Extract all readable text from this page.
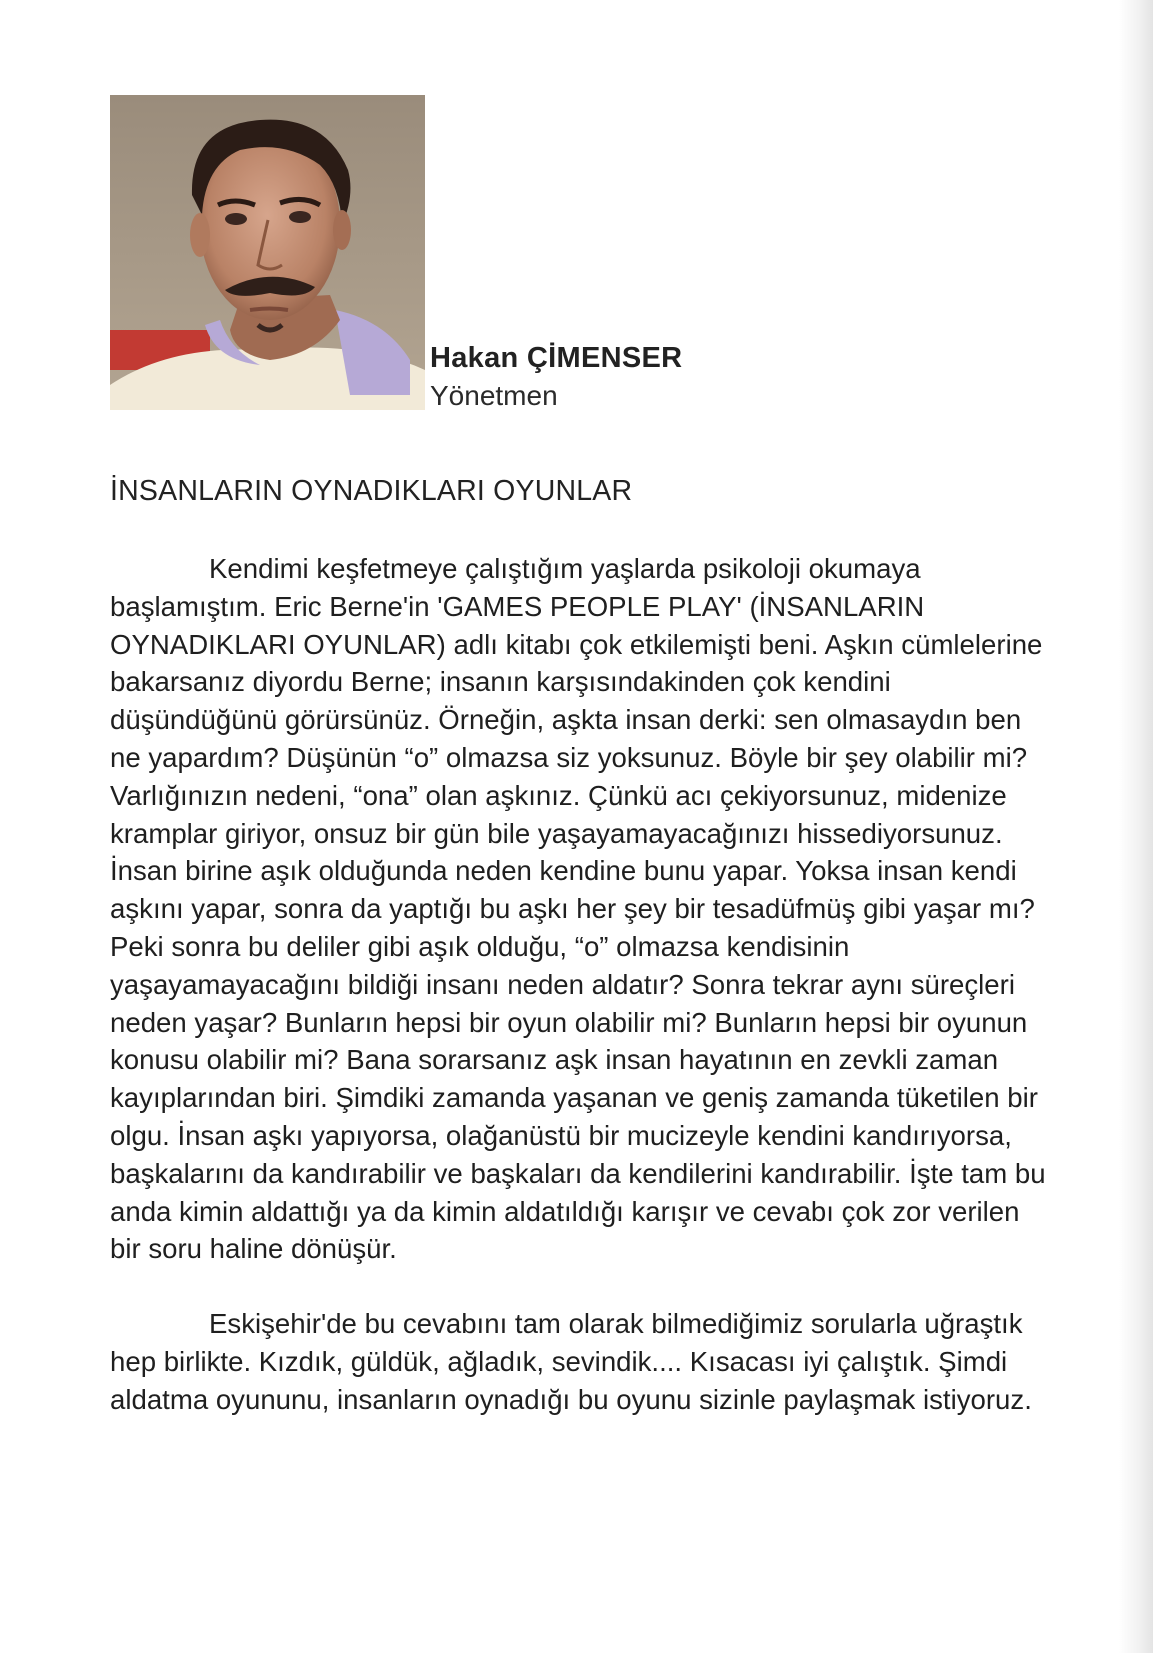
Hakan ÇİMENSER
Yönetmen
İNSANLARIN OYNADIKLARI OYUNLAR

Kendimi keşfetmeye çalıştığım yaşlarda psikoloji okumaya başlamıştım. Eric Berne'in 'GAMES PEOPLE PLAY' (İNSANLARIN OYNADIKLARI OYUNLAR) adlı kitabı çok etkilemişti beni. Aşkın cümlelerine bakarsanız diyordu Berne; insanın karşısındakinden çok kendini düşündüğünü görürsünüz. Örneğin, aşkta insan derki: sen olmasaydın ben ne yapardım? Düşünün “o” olmazsa siz yoksunuz. Böyle bir şey olabilir mi? Varlığınızın nedeni, “ona” olan aşkınız. Çünkü acı çekiyorsunuz, midenize kramplar giriyor, onsuz bir gün bile yaşayamayacağınızı hissediyorsunuz.

İnsan birine aşık olduğunda neden kendine bunu yapar. Yoksa insan kendi aşkını yapar, sonra da yaptığı bu aşkı her şey bir tesadüfmüş gibi yaşar mı? Peki sonra bu deliler gibi aşık olduğu, “o” olmazsa kendisinin yaşayamayacağını bildiği insanı neden aldatır? Sonra tekrar aynı süreçleri neden yaşar? Bunların hepsi bir oyun olabilir mi? Bunların hepsi bir oyunun konusu olabilir mi? Bana sorarsanız aşk insan hayatının en zevkli zaman kayıplarından biri. Şimdiki zamanda yaşanan ve geniş zamanda tüketilen bir olgu. İnsan aşkı yapıyorsa, olağanüstü bir mucizeyle kendini kandırıyorsa, başkalarını da kandırabilir ve başkaları da kendilerini kandırabilir. İşte tam bu anda kimin aldattığı ya da kimin aldatıldığı karışır ve cevabı çok zor verilen bir soru haline dönüşür.

Eskişehir'de bu cevabını tam olarak bilmediğimiz sorularla uğraştık hep birlikte. Kızdık, güldük, ağladık, sevindik.... Kısacası iyi çalıştık. Şimdi aldatma oyununu, insanların oynadığı bu oyunu sizinle paylaşmak istiyoruz.
